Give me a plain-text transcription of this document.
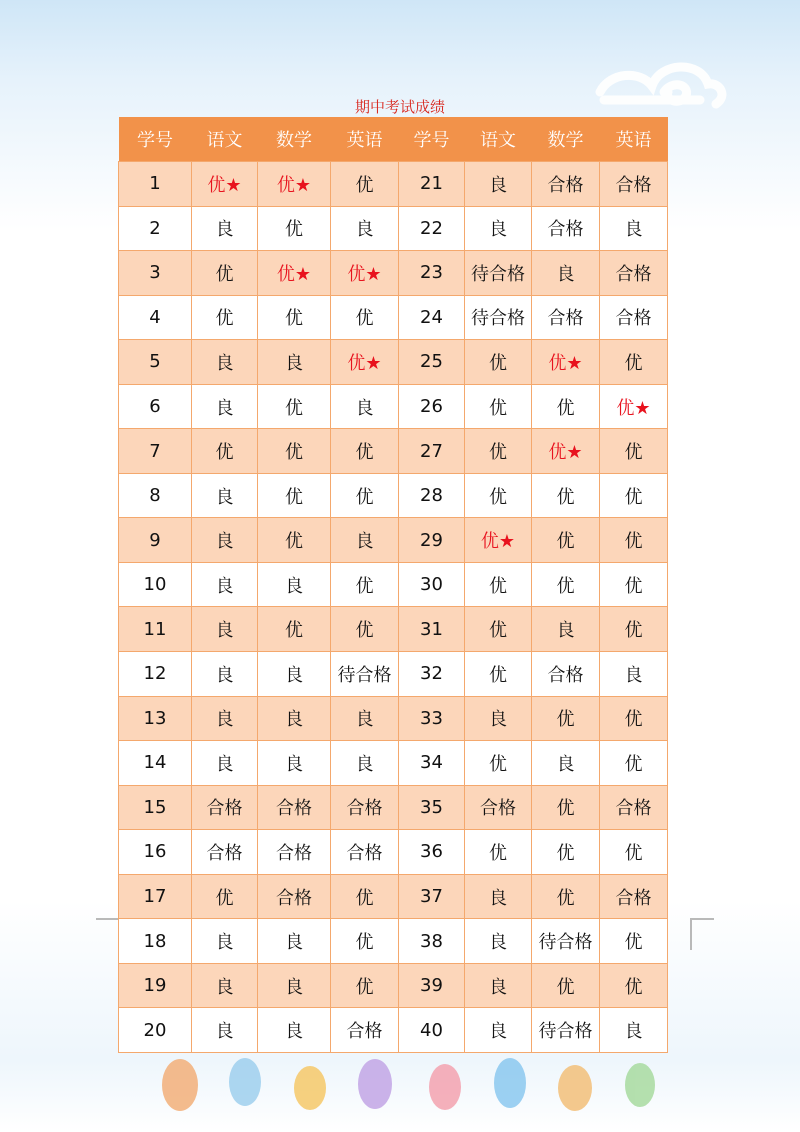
期中考试成绩
学号	语文	数学	英语	学号	语文	数学	英语
1	优★	优★	优	21	良	合格	合格
2	良	优	良	22	良	合格	良
3	优	优★	优★	23	待合格	良	合格
4	优	优	优	24	待合格	合格	合格
5	良	良	优★	25	优	优★	优
6	良	优	良	26	优	优	优★
7	优	优	优	27	优	优★	优
8	良	优	优	28	优	优	优
9	良	优	良	29	优★	优	优
10	良	良	优	30	优	优	优
11	良	优	优	31	优	良	优
12	良	良	待合格	32	优	合格	良
13	良	良	良	33	良	优	优
14	良	良	良	34	优	良	优
15	合格	合格	合格	35	合格	优	合格
16	合格	合格	合格	36	优	优	优
17	优	合格	优	37	良	优	合格
18	良	良	优	38	良	待合格	优
19	良	良	优	39	良	优	优
20	良	良	合格	40	良	待合格	良
